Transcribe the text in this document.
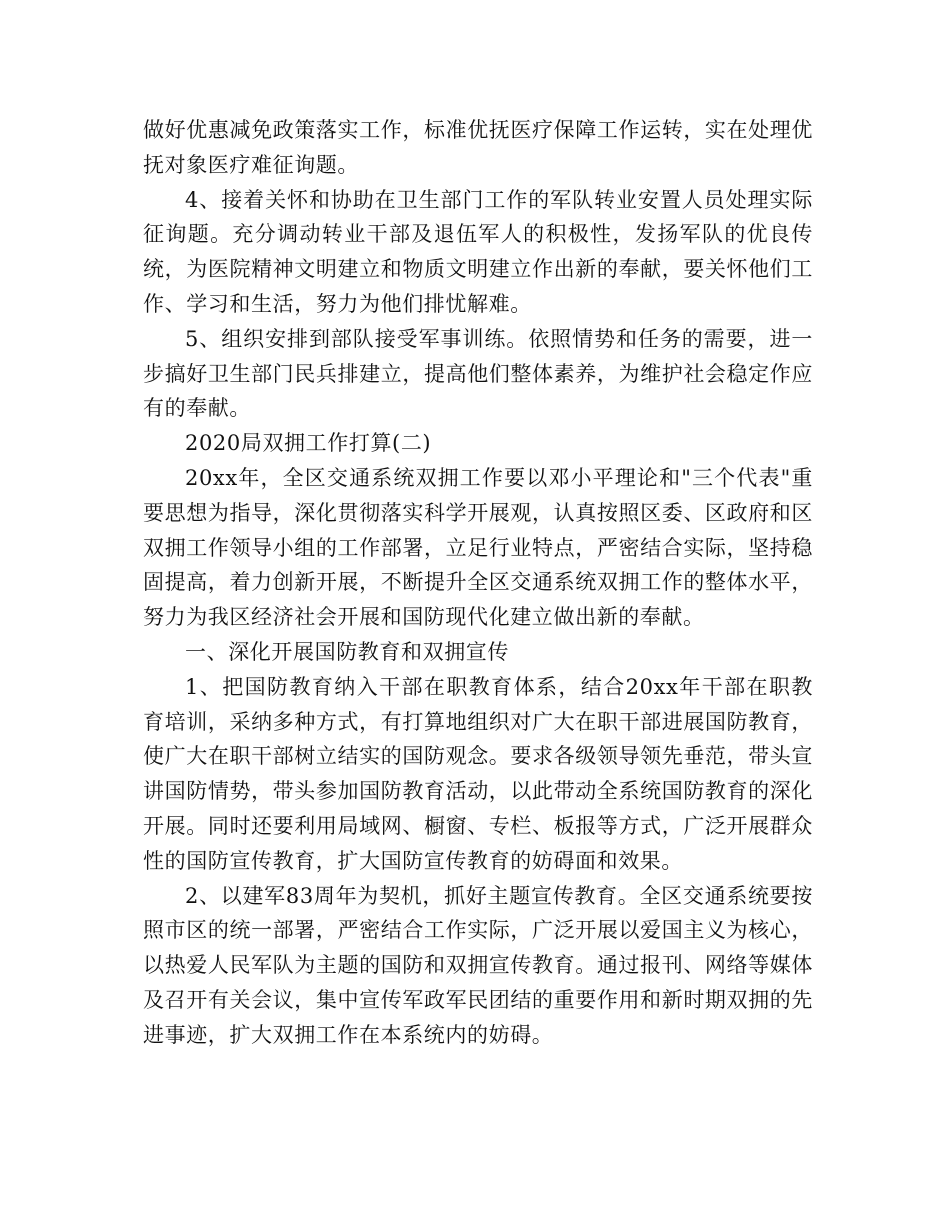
做好优惠减免政策落实工作，标准优抚医疗保障工作运转，实在处理优抚对象医疗难征询题。

4、接着关怀和协助在卫生部门工作的军队转业安置人员处理实际征询题。充分调动转业干部及退伍军人的积极性，发扬军队的优良传统，为医院精神文明建立和物质文明建立作出新的奉献，要关怀他们工作、学习和生活，努力为他们排忧解难。

5、组织安排到部队接受军事训练。依照情势和任务的需要，进一步搞好卫生部门民兵排建立，提高他们整体素养，为维护社会稳定作应有的奉献。

2020局双拥工作打算(二)

20xx年，全区交通系统双拥工作要以邓小平理论和"三个代表"重要思想为指导，深化贯彻落实科学开展观，认真按照区委、区政府和区双拥工作领导小组的工作部署，立足行业特点，严密结合实际，坚持稳固提高，着力创新开展，不断提升全区交通系统双拥工作的整体水平，努力为我区经济社会开展和国防现代化建立做出新的奉献。

一、深化开展国防教育和双拥宣传

1、把国防教育纳入干部在职教育体系，结合20xx年干部在职教育培训，采纳多种方式，有打算地组织对广大在职干部进展国防教育，使广大在职干部树立结实的国防观念。要求各级领导领先垂范，带头宣讲国防情势，带头参加国防教育活动，以此带动全系统国防教育的深化开展。同时还要利用局域网、橱窗、专栏、板报等方式，广泛开展群众性的国防宣传教育，扩大国防宣传教育的妨碍面和效果。

2、以建军83周年为契机，抓好主题宣传教育。全区交通系统要按照市区的统一部署，严密结合工作实际，广泛开展以爱国主义为核心，以热爱人民军队为主题的国防和双拥宣传教育。通过报刊、网络等媒体及召开有关会议，集中宣传军政军民团结的重要作用和新时期双拥的先进事迹，扩大双拥工作在本系统内的妨碍。
